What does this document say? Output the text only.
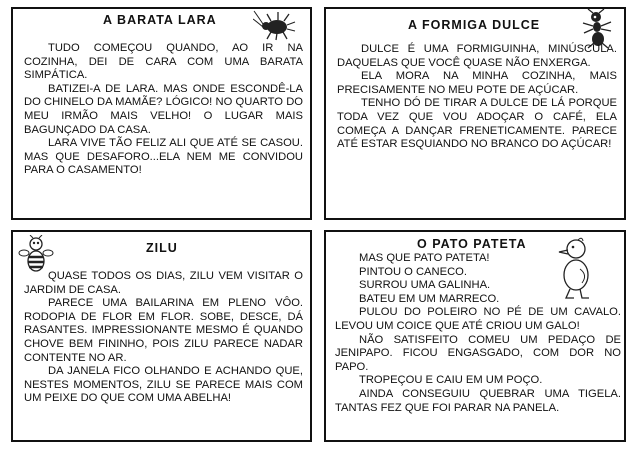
A BARATA LARA

TUDO COMEÇOU QUANDO, AO IR NA COZINHA, DEI DE CARA COM UMA BARATA SIMPÁTICA.

BATIZEI-A DE LARA. MAS ONDE ESCONDÊ-LA DO CHINELO DA MAMÃE? LÓGICO! NO QUARTO DO MEU IRMÃO MAIS VELHO! O LUGAR MAIS BAGUNÇADO DA CASA.

LARA VIVE TÃO FELIZ ALI QUE ATÉ SE CASOU. MAS QUE DESAFORO...ELA NEM ME CONVIDOU PARA O CASAMENTO!

A FORMIGA DULCE

DULCE É UMA FORMIGUINHA, MINÚSCULA. DAQUELAS QUE VOCÊ QUASE NÃO ENXERGA.

ELA MORA NA MINHA COZINHA, MAIS PRECISAMENTE NO MEU POTE DE AÇÚCAR.

TENHO DÓ DE TIRAR A DULCE DE LÁ PORQUE TODA VEZ QUE VOU ADOÇAR O CAFÉ, ELA COMEÇA A DANÇAR FRENETICAMENTE. PARECE ATÉ ESTAR ESQUIANDO NO BRANCO DO AÇÚCAR!

ZILU

QUASE TODOS OS DIAS, ZILU VEM VISITAR O JARDIM DE CASA.

PARECE UMA BAILARINA EM PLENO VÔO. RODOPIA DE FLOR EM FLOR. SOBE, DESCE, DÁ RASANTES. IMPRESSIONANTE MESMO É QUANDO CHOVE BEM FININHO, POIS ZILU PARECE NADAR CONTENTE NO AR.

DA JANELA FICO OLHANDO E ACHANDO QUE, NESTES MOMENTOS, ZILU SE PARECE MAIS COM UM PEIXE DO QUE COM UMA ABELHA!

O PATO PATETA

MAS QUE PATO PATETA!

PINTOU O CANECO.

SURROU UMA GALINHA.

BATEU EM UM MARRECO.

PULOU DO POLEIRO NO PÉ DE UM CAVALO. LEVOU UM COICE QUE ATÉ CRIOU UM GALO!

NÃO SATISFEITO COMEU UM PEDAÇO DE JENIPAPO. FICOU ENGASGADO, COM DOR NO PAPO.

TROPEÇOU E CAIU EM UM POÇO.

AINDA CONSEGUIU QUEBRAR UMA TIGELA. TANTAS FEZ QUE FOI PARAR NA PANELA.
